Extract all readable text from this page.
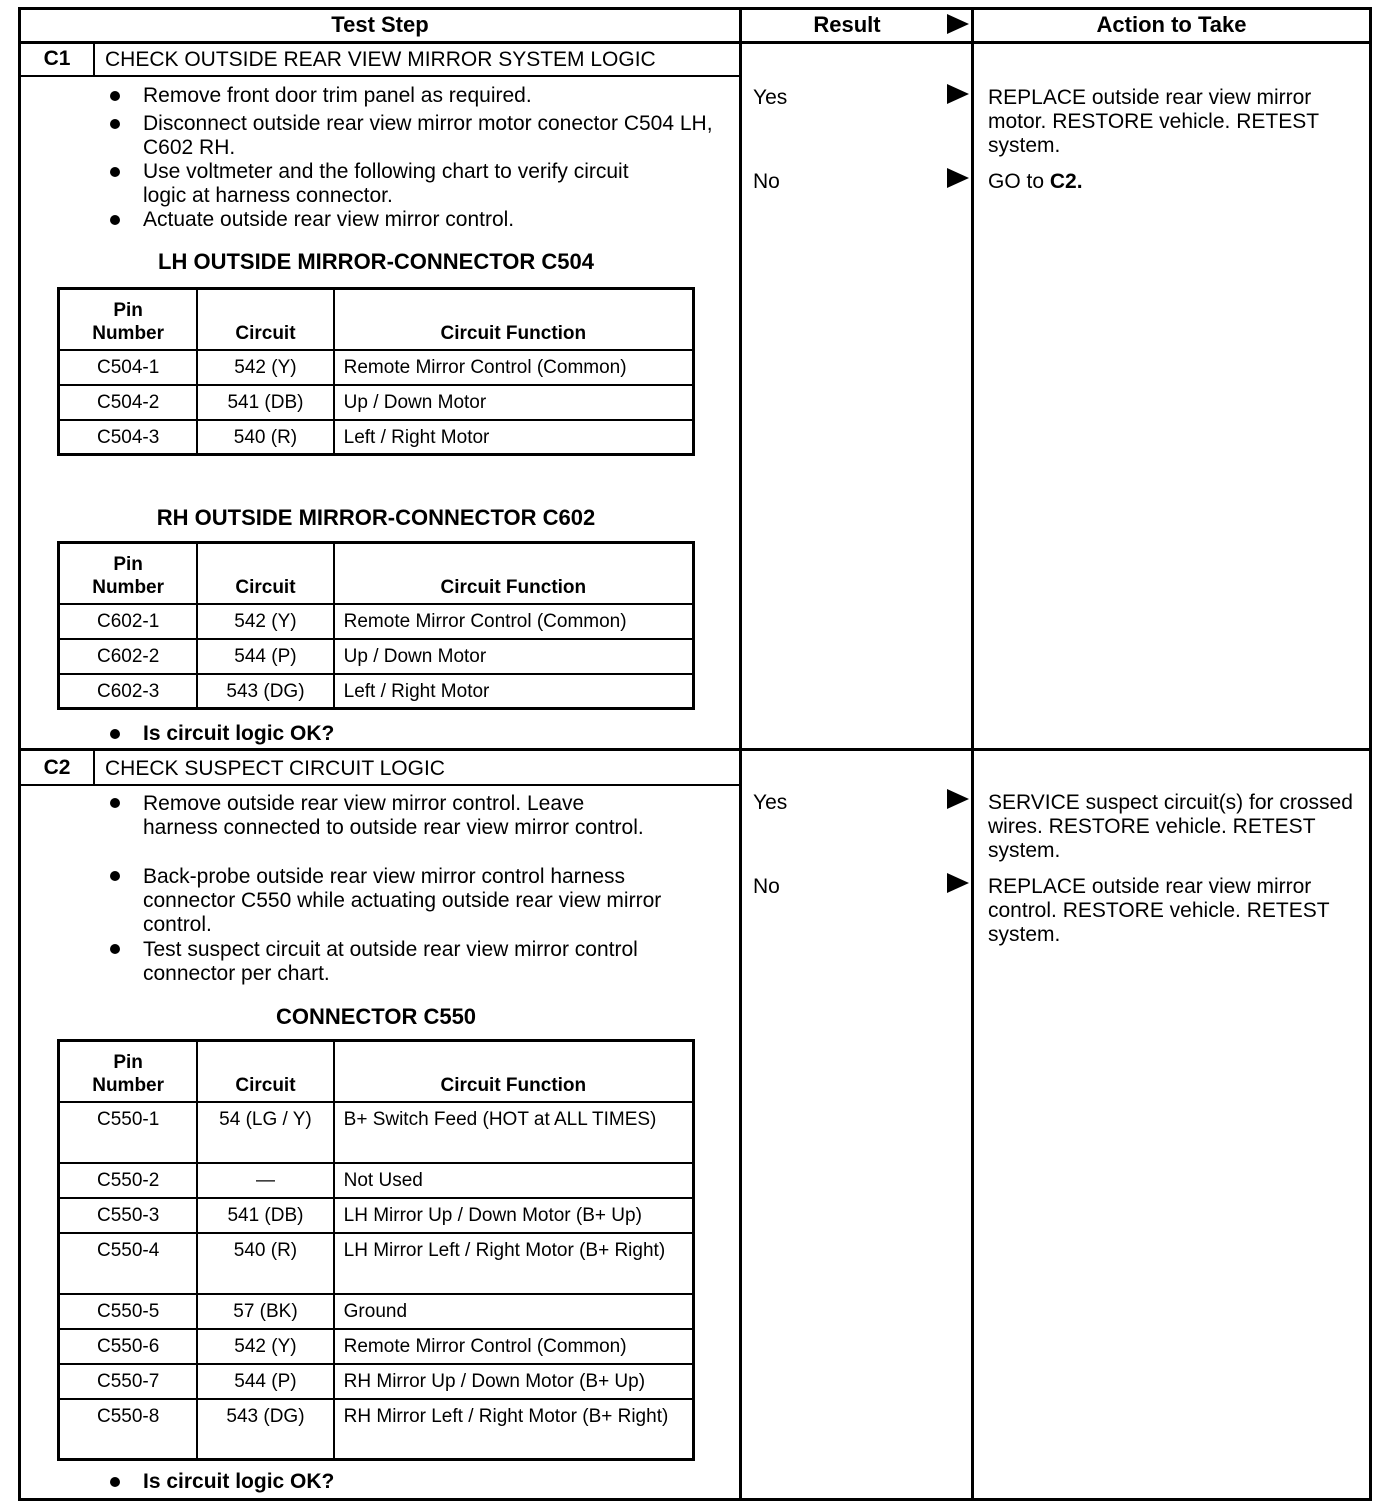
Test Step	Result	Action to Take
C1	CHECK OUTSIDE REAR VIEW MIRROR SYSTEM LOGIC
Remove front door trim panel as required.
Disconnect outside rear view mirror motor conector C504 LH, C602 RH.
Use voltmeter and the following chart to verify circuit logic at harness connector.
Actuate outside rear view mirror control.
LH OUTSIDE MIRROR-CONNECTOR C504
Pin Number	Circuit	Circuit Function
C504-1	542 (Y)	Remote Mirror Control (Common)
C504-2	541 (DB)	Up / Down Motor
C504-3	540 (R)	Left / Right Motor
RH OUTSIDE MIRROR-CONNECTOR C602
Pin Number	Circuit	Circuit Function
C602-1	542 (Y)	Remote Mirror Control (Common)
C602-2	544 (P)	Up / Down Motor
C602-3	543 (DG)	Left / Right Motor
Is circuit logic OK?
Yes	REPLACE outside rear view mirror motor. RESTORE vehicle. RETEST system.
No	GO to C2.
C2	CHECK SUSPECT CIRCUIT LOGIC
Remove outside rear view mirror control. Leave harness connected to outside rear view mirror control.
Back-probe outside rear view mirror control harness connector C550 while actuating outside rear view mirror control.
Test suspect circuit at outside rear view mirror control connector per chart.
CONNECTOR C550
Pin Number	Circuit	Circuit Function
C550-1	54 (LG / Y)	B+ Switch Feed (HOT at ALL TIMES)
C550-2	—	Not Used
C550-3	541 (DB)	LH Mirror Up / Down Motor (B+ Up)
C550-4	540 (R)	LH Mirror Left / Right Motor (B+ Right)
C550-5	57 (BK)	Ground
C550-6	542 (Y)	Remote Mirror Control (Common)
C550-7	544 (P)	RH Mirror Up / Down Motor (B+ Up)
C550-8	543 (DG)	RH Mirror Left / Right Motor (B+ Right)
Is circuit logic OK?
Yes	SERVICE suspect circuit(s) for crossed wires. RESTORE vehicle. RETEST system.
No	REPLACE outside rear view mirror control. RESTORE vehicle. RETEST system.
